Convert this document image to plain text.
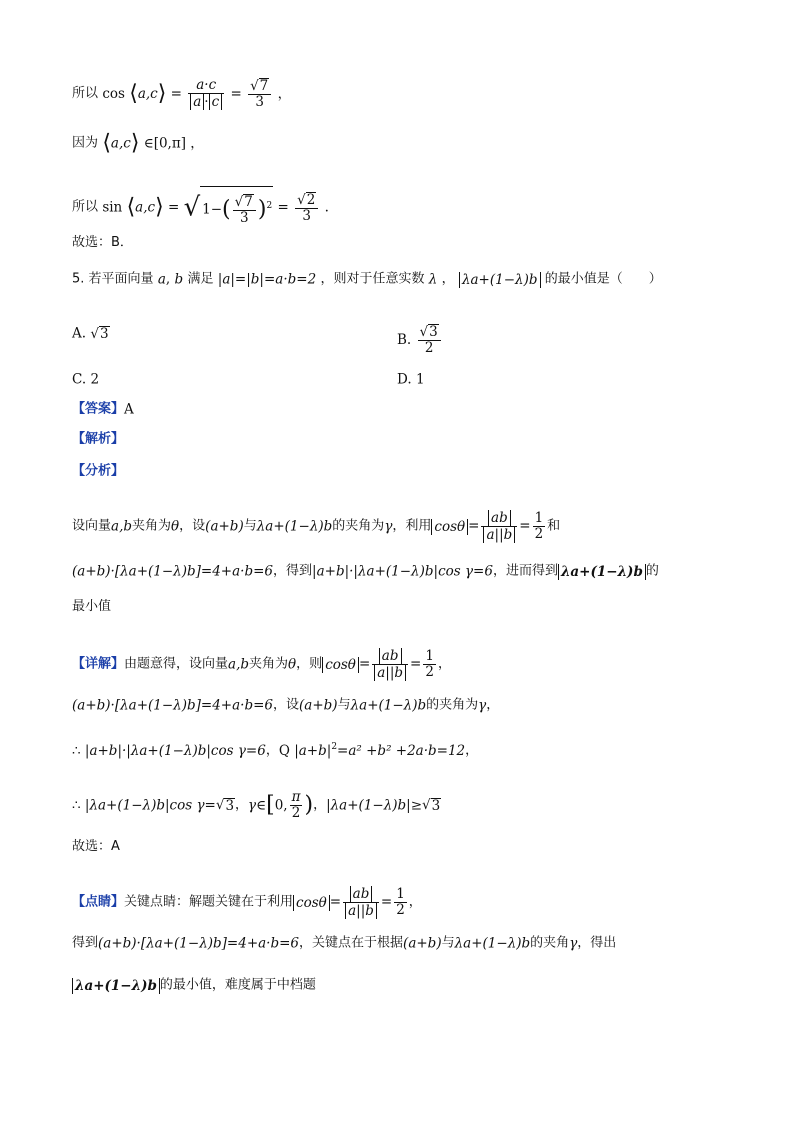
所以 cos ⟨a,c⟩ = $\frac{a\cdot c}{a \cdot c} = \frac{√7}{3}$ ，
因为 ⟨a,c⟩ ∈[0,π] ，
所以 sin ⟨a,c⟩ = √ $1-( \frac{√7}{3} )^2 = \frac{√2}{3}$ .
故选：B．
5. 若平面向量 a, b 满足 |a|=|b|=a·b=2 ，则对于任意实数 λ ， λa+(1−λ)b 的最小值是（　　）
A. √3	B. $\frac{√3}{2}$
C. 2	D. 1
【答案】A
【解析】
【分析】
设向量a,b夹角为θ，设(a+b)与λa+(1−λ)b的夹角为γ，利用 $\cos\theta = \frac{ab}{a||b} = \frac{1}{2}$ 和
(a+b)·[λa+(1−λ)b]=4+a·b=6，得到|a+b|·|λa+(1−λ)b|cos γ=6，进而得到 λa+(1−λ)b 的
最小值
【详解】由题意得，设向量a,b夹角为θ，则 $\cos\theta = \frac{ab}{a||b} = \frac{1}{2}$ ，
(a+b)·[λa+(1−λ)b]=4+a·b=6，设(a+b)与λa+(1−λ)b的夹角为γ，
∴ |a+b|·|λa+(1−λ)b|cos γ=6，Q $|a+b|^2=a^2 +b^2 +2a\cdot b=12$，
∴ |λa+(1−λ)b|cos γ=√3，γ∈[0, $\frac{\pi}{2}$ )，|λa+(1−λ)b|≥√3
故选：A
【点睛】关键点睛：解题关键在于利用 $\cos\theta = \frac{ab}{a||b} = \frac{1}{2}$ ，
得到(a+b)·[λa+(1−λ)b]=4+a·b=6，关键点在于根据(a+b)与λa+(1−λ)b的夹角γ，得出
λa+(1−λ)b 的最小值，难度属于中档题
